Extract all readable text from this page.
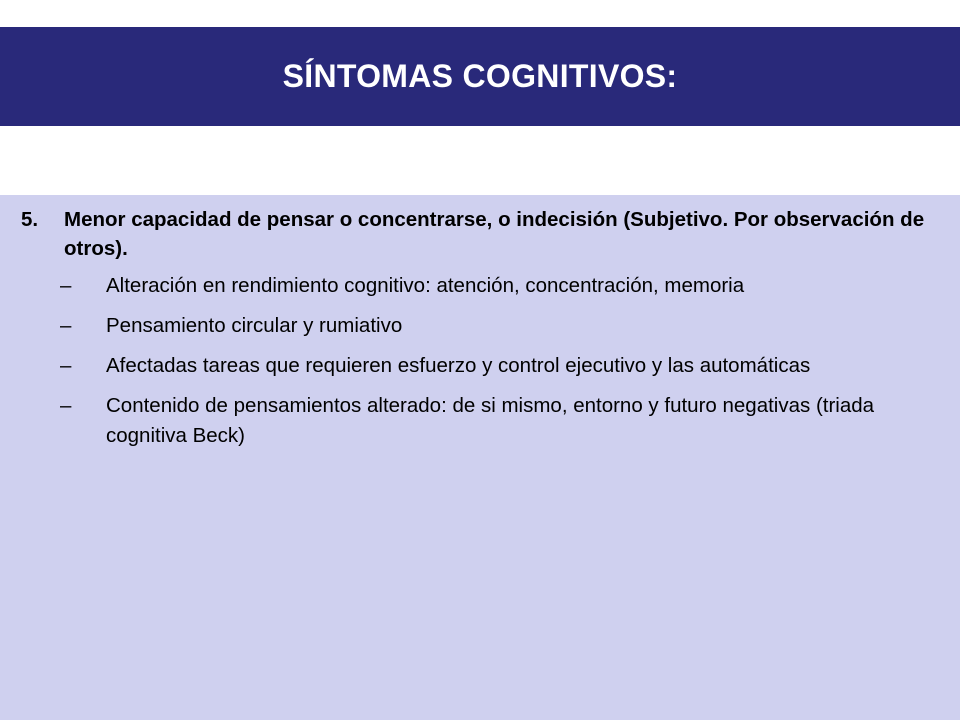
SÍNTOMAS COGNITIVOS:
5. Menor capacidad de pensar o concentrarse, o indecisión (Subjetivo. Por observación de otros).
– Alteración en rendimiento cognitivo: atención, concentración, memoria
– Pensamiento circular y rumiativo
– Afectadas tareas que requieren esfuerzo y control ejecutivo y las automáticas
– Contenido de pensamientos alterado: de si mismo, entorno y futuro negativas (triada cognitiva Beck)
